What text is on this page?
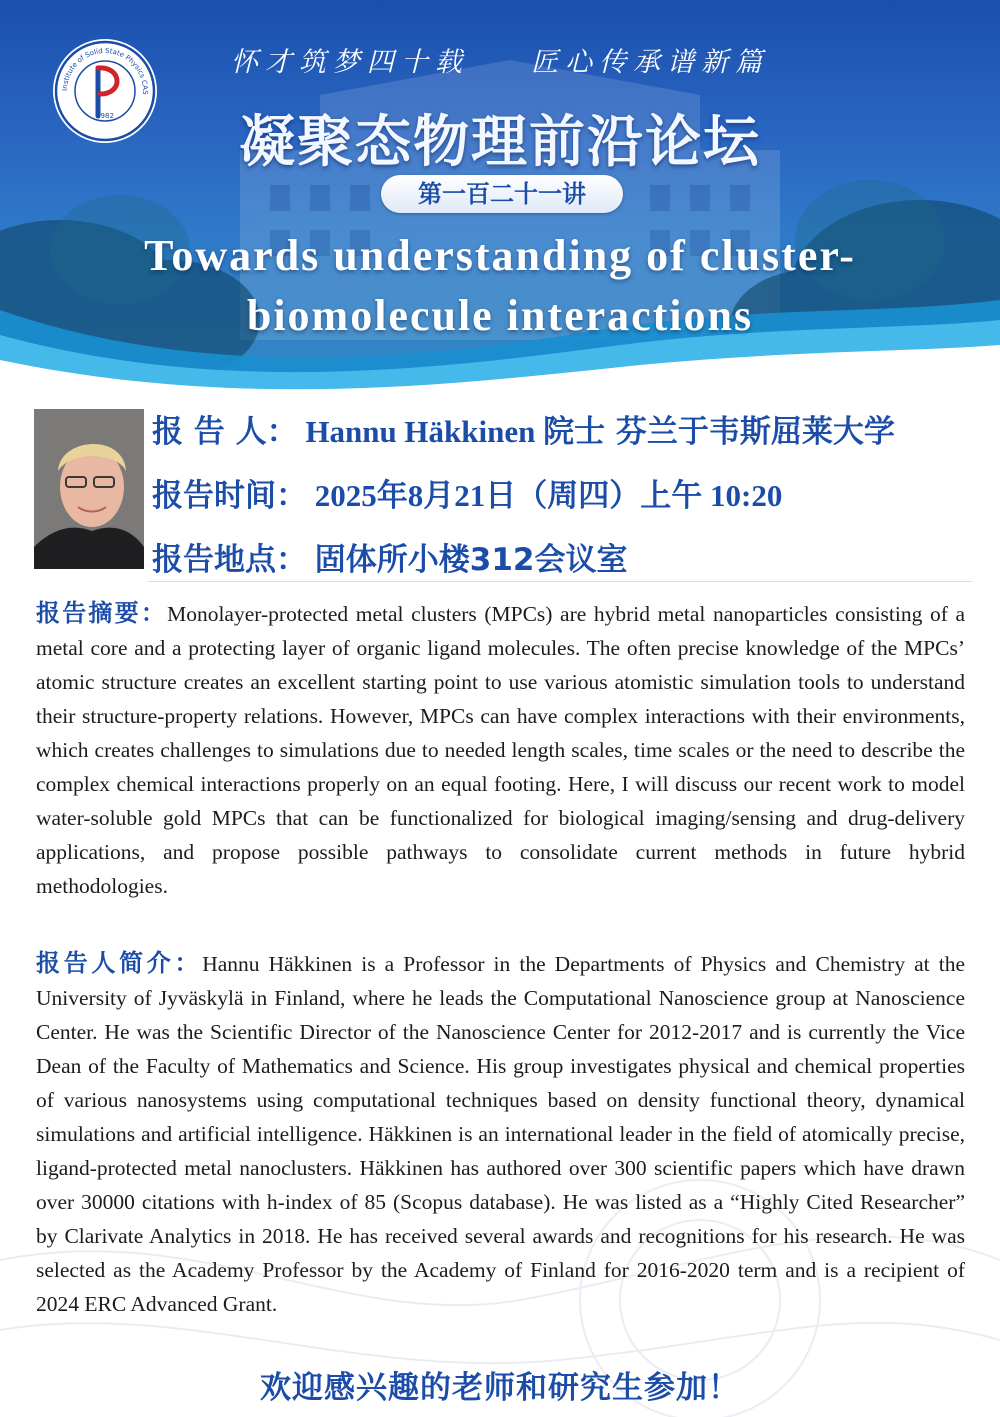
怀才筑梦四十载    匠心传承谱新篇
Institute of Solid State Physics CAS
1982	凝聚态物理前沿论坛
第一百二十一讲
Towards understanding of cluster-biomolecule interactions
报 告 人： Hannu Häkkinen 院士 芬兰于韦斯屈莱大学
报告时间： 2025年8月21日（周四）上午 10:20
报告地点： 固体所小楼312会议室
报告摘要：Monolayer-protected metal clusters (MPCs) are hybrid metal nanoparticles consisting of a metal core and a protecting layer of organic ligand molecules. The often precise knowledge of the MPCs’ atomic structure creates an excellent starting point to use various atomistic simulation tools to understand their structure-property relations. However, MPCs can have complex interactions with their environments, which creates challenges to simulations due to needed length scales, time scales or the need to describe the complex chemical interactions properly on an equal footing. Here, I will discuss our recent work to model water-soluble gold MPCs that can be functionalized for biological imaging/sensing and drug-delivery applications, and propose possible pathways to consolidate current methods in future hybrid methodologies.
报告人简介：Hannu Häkkinen is a Professor in the Departments of Physics and Chemistry at the University of Jyväskylä in Finland, where he leads the Computational Nanoscience group at Nanoscience Center. He was the Scientific Director of the Nanoscience Center for 2012-2017 and is currently the Vice Dean of the Faculty of Mathematics and Science. His group investigates physical and chemical properties of various nanosystems using computational techniques based on density functional theory, dynamical simulations and artificial intelligence. Häkkinen is an international leader in the field of atomically precise, ligand-protected metal nanoclusters. Häkkinen has authored over 300 scientific papers which have drawn over 30000 citations with h-index of 85 (Scopus database). He was listed as a “Highly Cited Researcher” by Clarivate Analytics in 2018. He has received several awards and recognitions for his research. He was selected as the Academy Professor by the Academy of Finland for 2016-2020 term and is a recipient of 2024 ERC Advanced Grant.
欢迎感兴趣的老师和研究生参加！
